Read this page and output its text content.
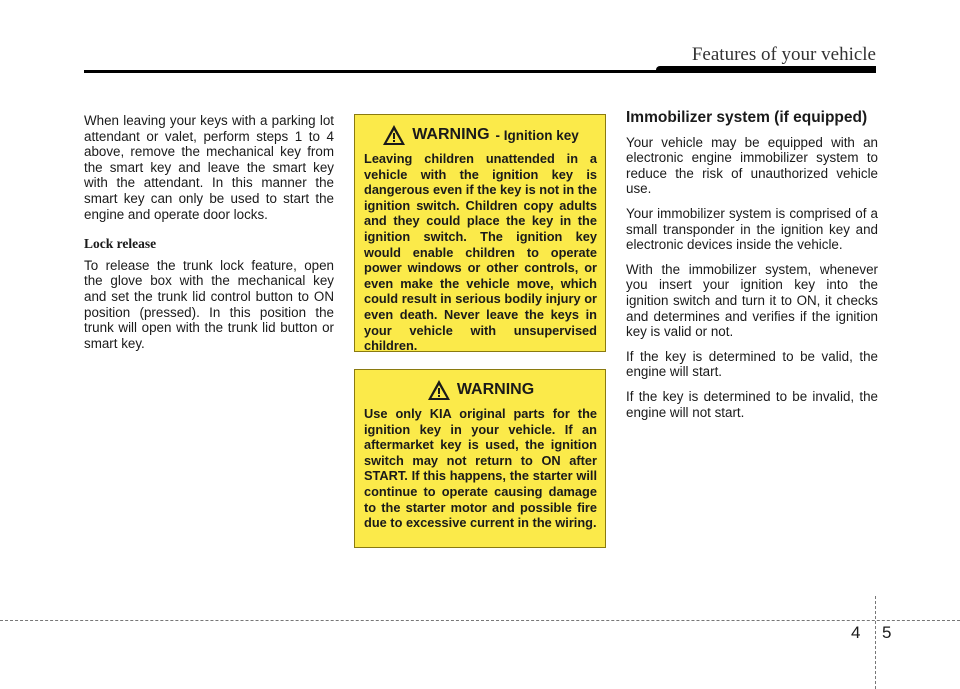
Features of your vehicle

When leaving your keys with a parking lot attendant or valet, perform steps 1 to 4 above, remove the mechanical key from the smart key and leave the smart key with the attendant. In this manner the smart key can only be used to start the engine and operate door locks.

Lock release

To release the trunk lock feature, open the glove box with the mechanical key and set the trunk lid control button to ON position (pressed). In this position the trunk will open with the trunk lid button or smart key.

WARNING - Ignition key

Leaving children unattended in a vehicle with the ignition key is dangerous even if the key is not in the ignition switch. Children copy adults and they could place the key in the ignition switch. The ignition key would enable children to operate power windows or other controls, or even make the vehicle move, which could result in serious bodily injury or even death. Never leave the keys in your vehicle with unsupervised children.

WARNING

Use only KIA original parts for the ignition key in your vehicle. If an aftermarket key is used, the ignition switch may not return to ON after START. If this happens, the starter will continue to operate causing damage to the starter motor and possible fire due to excessive current in the wiring.

Immobilizer system (if equipped)

Your vehicle may be equipped with an electronic engine immobilizer system to reduce the risk of unauthorized vehicle use.

Your immobilizer system is comprised of a small transponder in the ignition key and electronic devices inside the vehicle.

With the immobilizer system, whenever you insert your ignition key into the ignition switch and turn it to ON, it checks and determines and verifies if the ignition key is valid or not.

If the key is determined to be valid, the engine will start.

If the key is determined to be invalid, the engine will not start.

4 5
